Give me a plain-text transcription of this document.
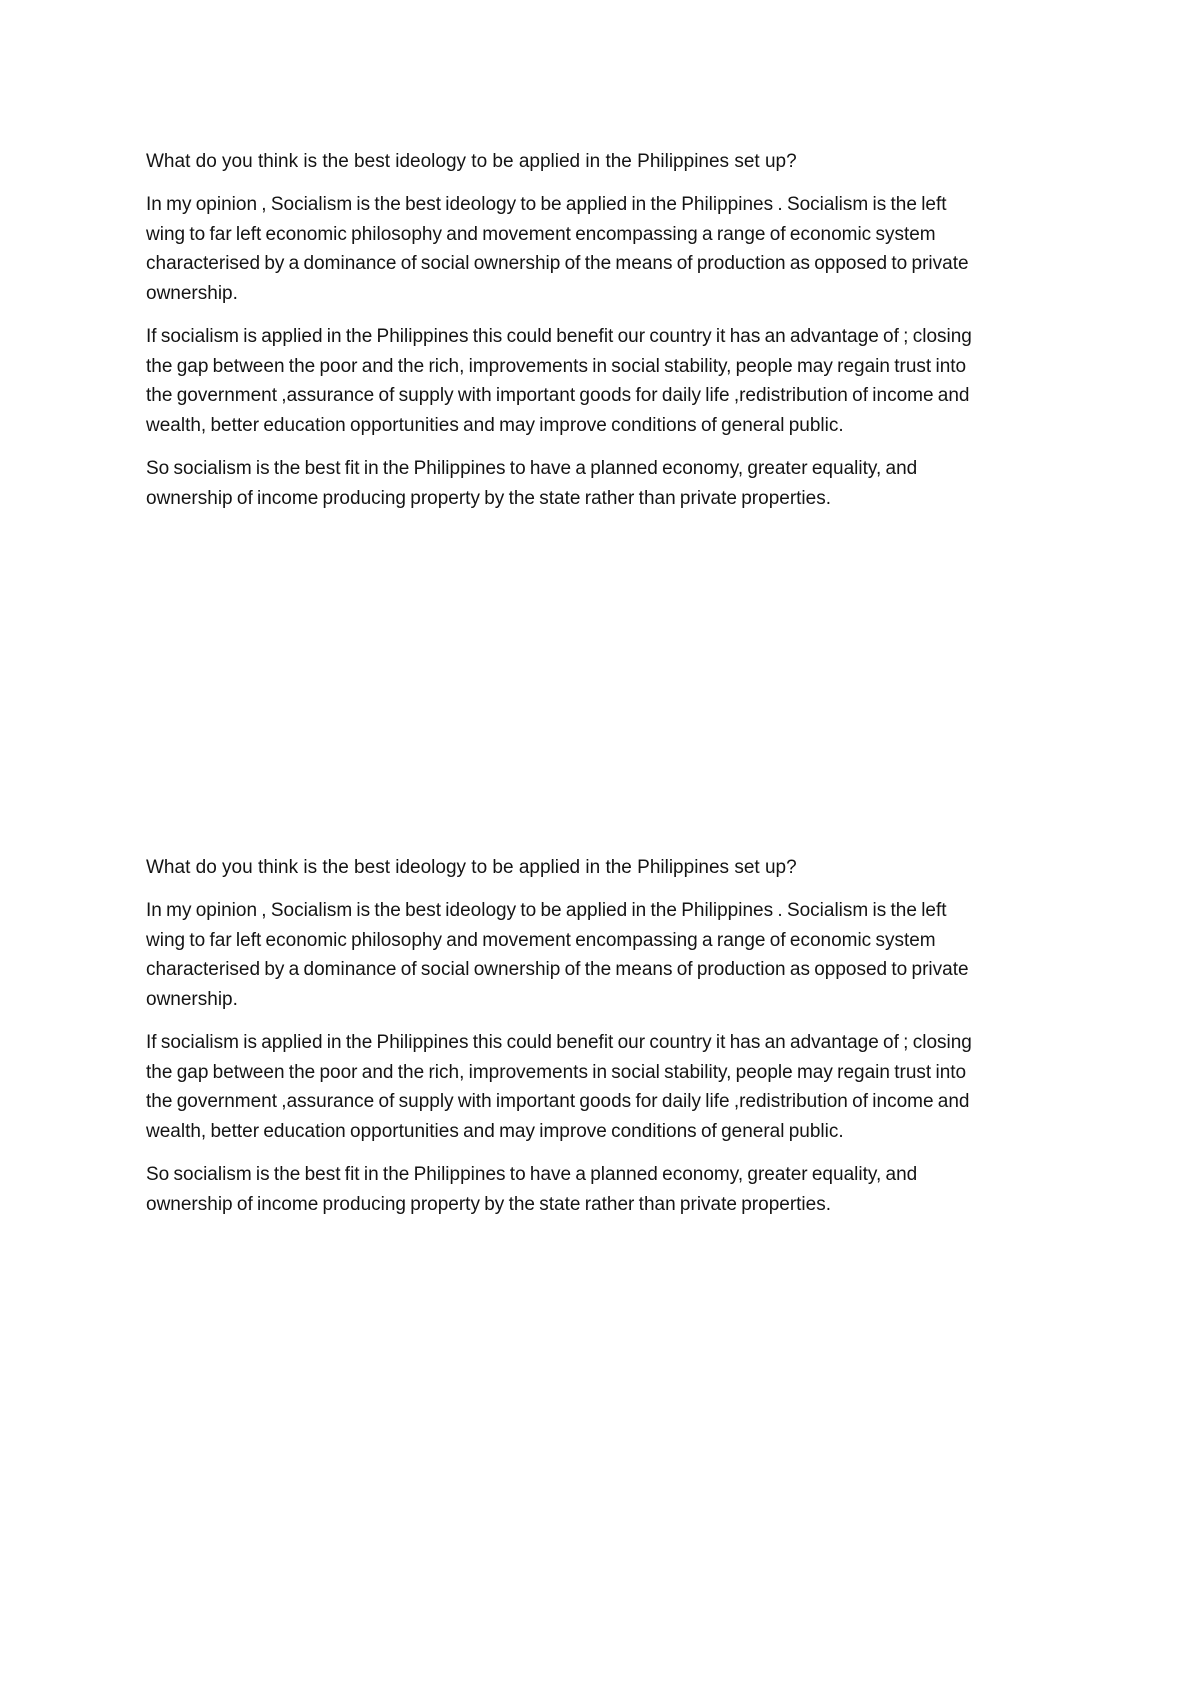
What do you think is the best ideology to be applied in the Philippines set up?

In my opinion , Socialism is the best ideology to be applied in the Philippines . Socialism is the left
wing to far left economic philosophy and movement encompassing a range of economic system
characterised by a dominance of social ownership of the means of production as opposed to private
ownership.

If socialism is applied in the Philippines this could benefit our country it has an advantage of ; closing
the gap between the poor and the rich, improvements in social stability, people may regain trust into
the government ,assurance of supply with important goods for daily life ,redistribution of income and
wealth, better education opportunities and may improve conditions of general public.

So socialism is the best fit in the Philippines to have a planned economy, greater equality, and
ownership of income producing property by the state rather than private properties.

What do you think is the best ideology to be applied in the Philippines set up?

In my opinion , Socialism is the best ideology to be applied in the Philippines . Socialism is the left
wing to far left economic philosophy and movement encompassing a range of economic system
characterised by a dominance of social ownership of the means of production as opposed to private
ownership.

If socialism is applied in the Philippines this could benefit our country it has an advantage of ; closing
the gap between the poor and the rich, improvements in social stability, people may regain trust into
the government ,assurance of supply with important goods for daily life ,redistribution of income and
wealth, better education opportunities and may improve conditions of general public.

So socialism is the best fit in the Philippines to have a planned economy, greater equality, and
ownership of income producing property by the state rather than private properties.
